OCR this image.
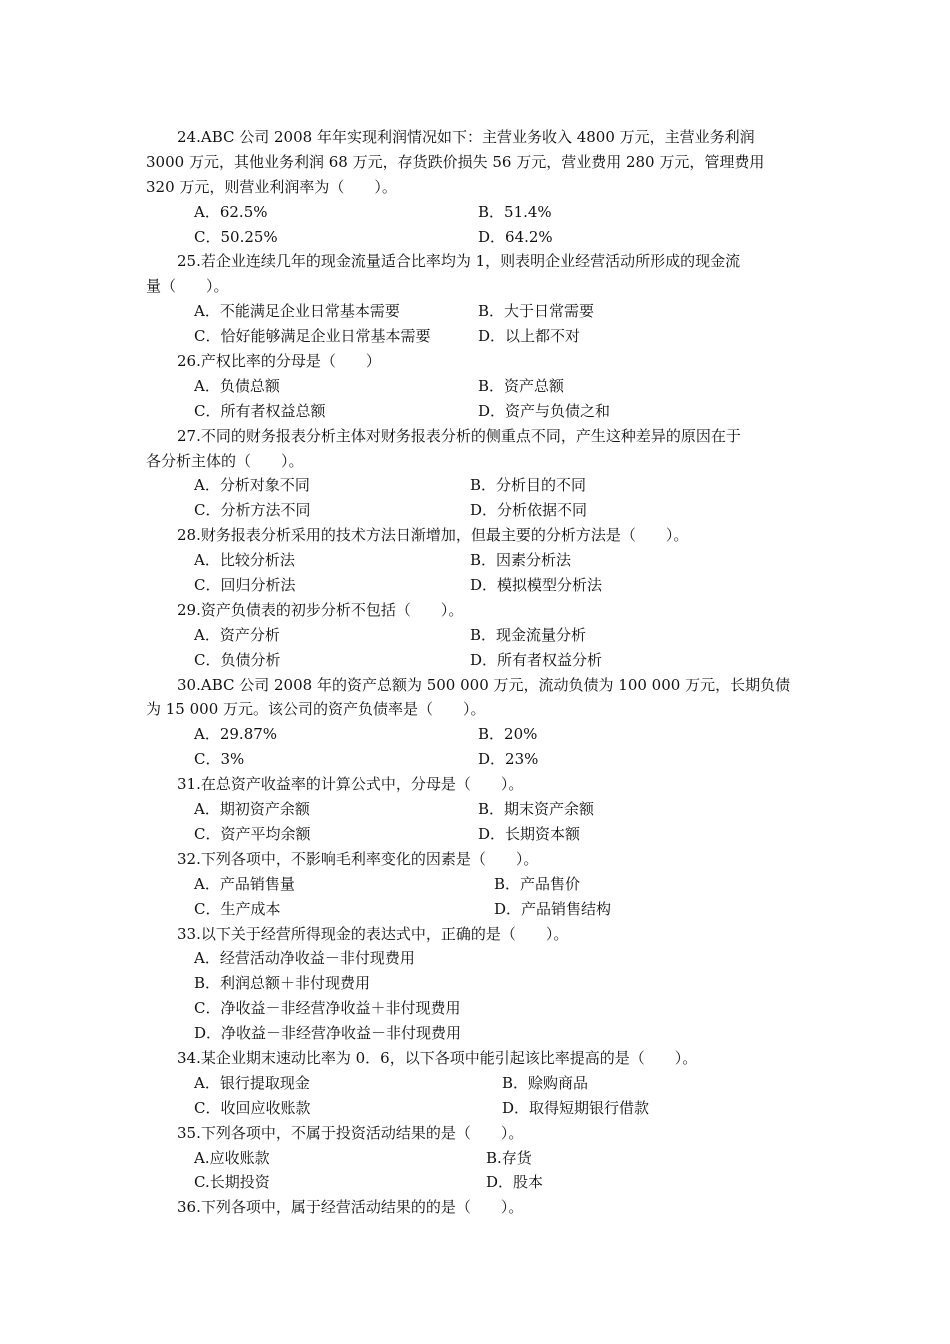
24.ABC 公司 2008 年年实现利润情况如下：主营业务收入 4800 万元，主营业务利润
3000 万元，其他业务利润 68 万元，存货跌价损失 56 万元，营业费用 280 万元，管理费用
320 万元，则营业利润率为（　　）。
A．62.5%	B．51.4%
C．50.25%	D．64.2%
25.若企业连续几年的现金流量适合比率均为 1，则表明企业经营活动所形成的现金流
量（　　）。
A．不能满足企业日常基本需要	B．大于日常需要
C．恰好能够满足企业日常基本需要	D．以上都不对
26.产权比率的分母是（　　）
A．负债总额	B．资产总额
C．所有者权益总额	D．资产与负债之和
27.不同的财务报表分析主体对财务报表分析的侧重点不同，产生这种差异的原因在于
各分析主体的（　　）。
A．分析对象不同	B．分析目的不同
C．分析方法不同	D．分析依据不同
28.财务报表分析采用的技术方法日渐增加，但最主要的分析方法是（　　）。
A．比较分析法	B．因素分析法
C．回归分析法	D．模拟模型分析法
29.资产负债表的初步分析不包括（　　）。
A．资产分析	B．现金流量分析
C．负债分析	D．所有者权益分析
30.ABC 公司 2008 年的资产总额为 500 000 万元，流动负债为 100 000 万元，长期负债
为 15 000 万元。该公司的资产负债率是（　　）。
A．29.87%	B．20%
C．3%	D．23%
31.在总资产收益率的计算公式中，分母是（　　）。
A．期初资产余额	B．期末资产余额
C．资产平均余额	D．长期资本额
32.下列各项中，不影响毛利率变化的因素是（　　）。
A．产品销售量	B．产品售价
C．生产成本	D．产品销售结构
33.以下关于经营所得现金的表达式中，正确的是（　　）。
A．经营活动净收益－非付现费用
B．利润总额＋非付现费用
C．净收益－非经营净收益＋非付现费用
D．净收益－非经营净收益－非付现费用
34.某企业期末速动比率为 0．6，以下各项中能引起该比率提高的是（　　）。
A．银行提取现金	B．赊购商品
C．收回应收账款	D．取得短期银行借款
35.下列各项中，不属于投资活动结果的是（　　）。
A.应收账款	B.存货
C.长期投资	D．股本
36.下列各项中，属于经营活动结果的的是（　　）。
